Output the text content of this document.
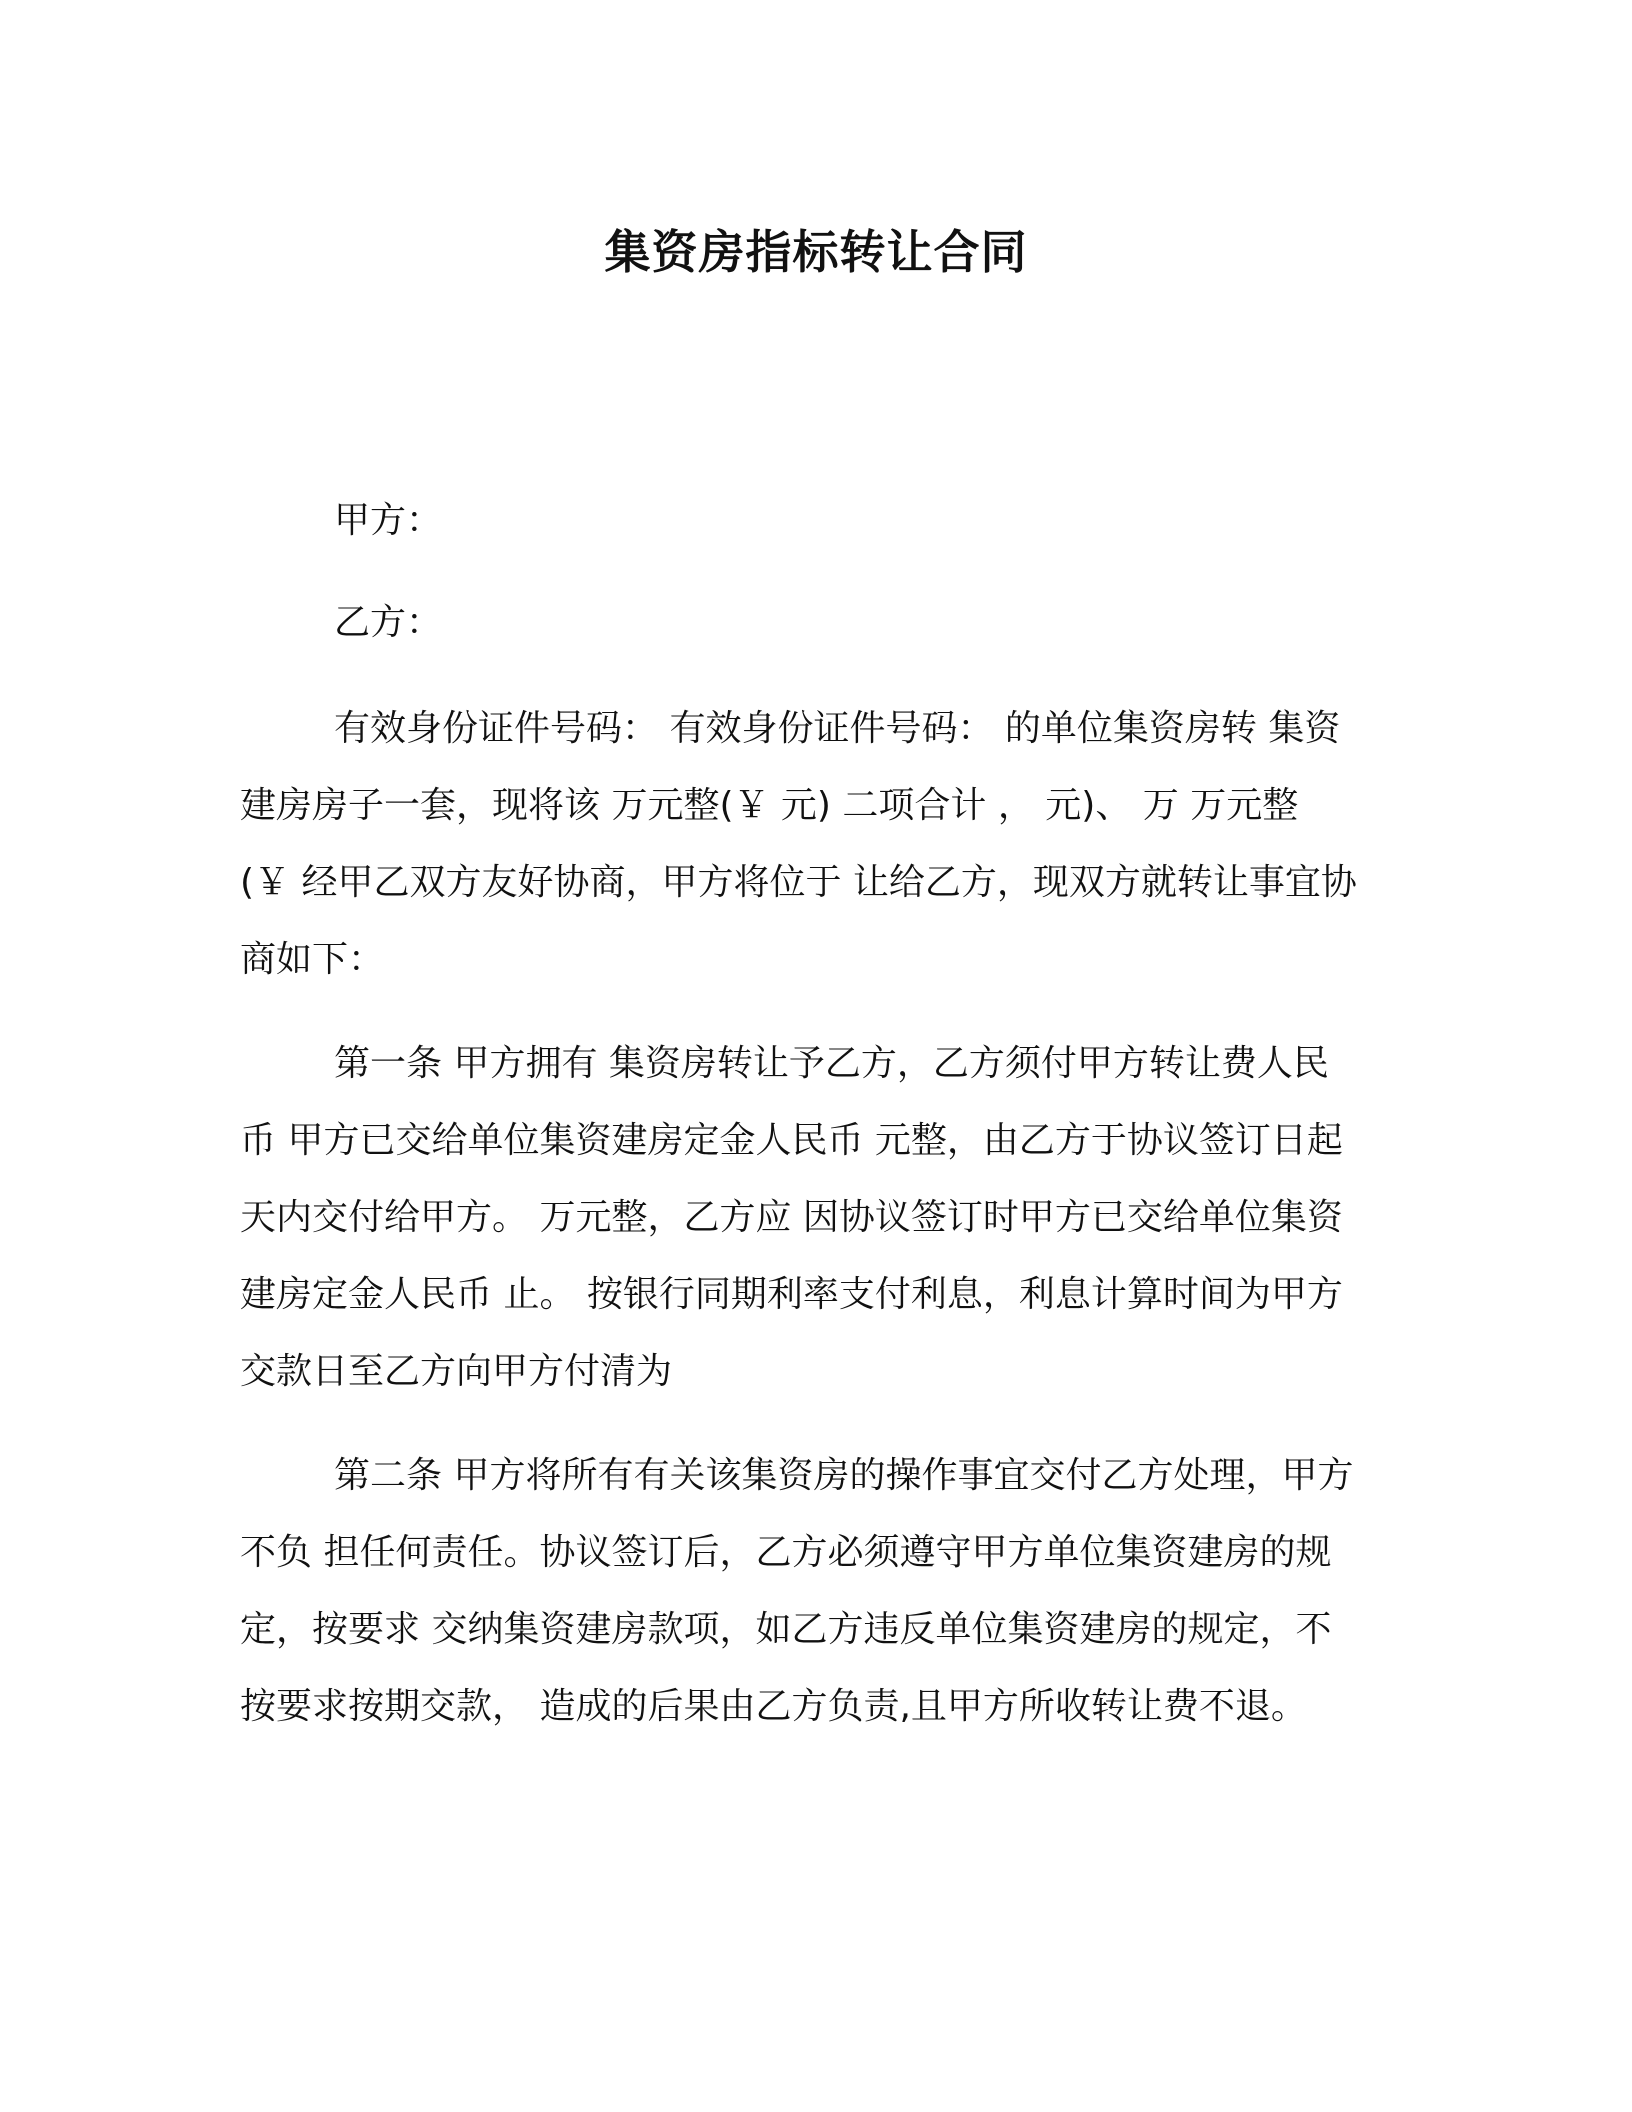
集资房指标转让合同
甲方：
乙方：
有效身份证件号码： 有效身份证件号码： 的单位集资房转 集资
建房房子一套，现将该 万元整(￥ 元) 二项合计 ， 元)、 万 万元整
(￥ 经甲乙双方友好协商，甲方将位于 让给乙方，现双方就转让事宜协
商如下：
第一条 甲方拥有 集资房转让予乙方，乙方须付甲方转让费人民
币 甲方已交给单位集资建房定金人民币 元整，由乙方于协议签订日起
天内交付给甲方。 万元整，乙方应 因协议签订时甲方已交给单位集资
建房定金人民币 止。 按银行同期利率支付利息，利息计算时间为甲方
交款日至乙方向甲方付清为
第二条 甲方将所有有关该集资房的操作事宜交付乙方处理，甲方
不负 担任何责任。协议签订后，乙方必须遵守甲方单位集资建房的规
定，按要求 交纳集资建房款项，如乙方违反单位集资建房的规定，不
按要求按期交款， 造成的后果由乙方负责,且甲方所收转让费不退。
